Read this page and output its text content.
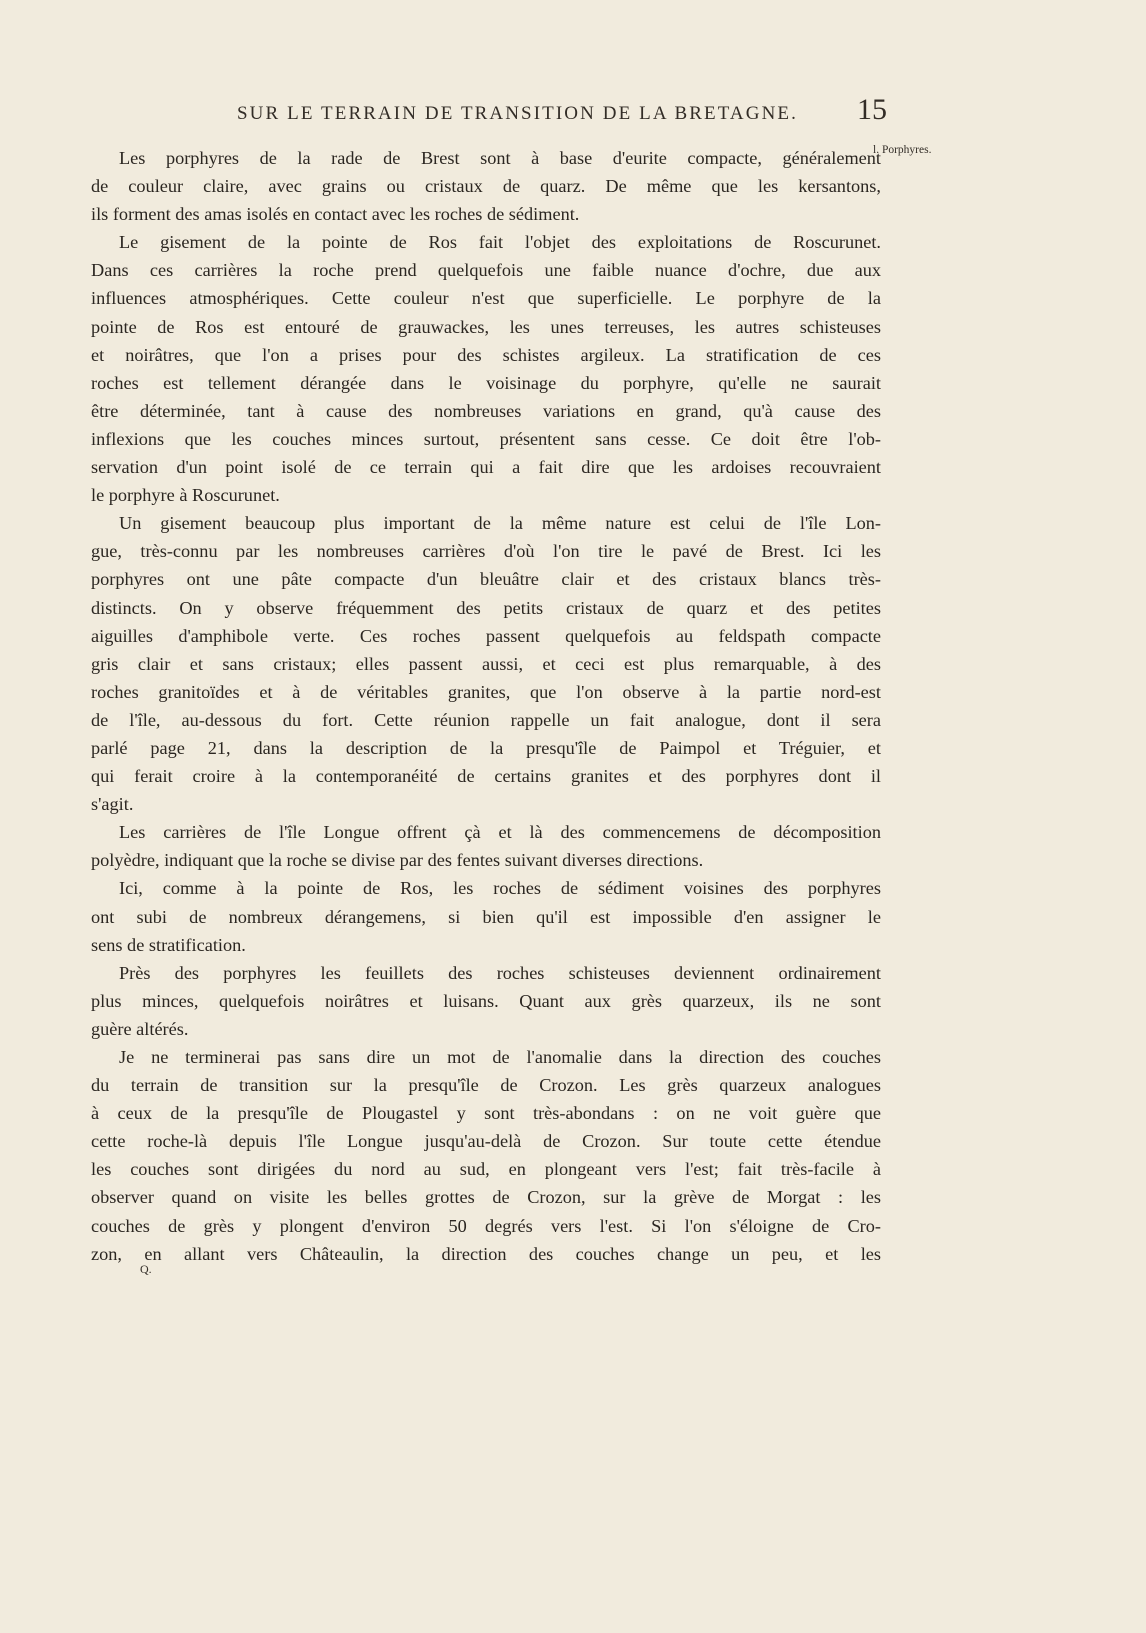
SUR LE TERRAIN DE TRANSITION DE LA BRETAGNE. 15
l. Porphyres.
Les porphyres de la rade de Brest sont à base d'eurite compacte, généralement
de couleur claire, avec grains ou cristaux de quarz. De même que les kersantons,
ils forment des amas isolés en contact avec les roches de sédiment.
Le gisement de la pointe de Ros fait l'objet des exploitations de Roscurunet.
Dans ces carrières la roche prend quelquefois une faible nuance d'ochre, due aux
influences atmosphériques. Cette couleur n'est que superficielle. Le porphyre de la
pointe de Ros est entouré de grauwackes, les unes terreuses, les autres schisteuses
et noirâtres, que l'on a prises pour des schistes argileux. La stratification de ces
roches est tellement dérangée dans le voisinage du porphyre, qu'elle ne saurait
être déterminée, tant à cause des nombreuses variations en grand, qu'à cause des
inflexions que les couches minces surtout, présentent sans cesse. Ce doit être l'ob-
servation d'un point isolé de ce terrain qui a fait dire que les ardoises recouvraient
le porphyre à Roscurunet.
Un gisement beaucoup plus important de la même nature est celui de l'île Lon-
gue, très-connu par les nombreuses carrières d'où l'on tire le pavé de Brest. Ici les
porphyres ont une pâte compacte d'un bleuâtre clair et des cristaux blancs très-
distincts. On y observe fréquemment des petits cristaux de quarz et des petites
aiguilles d'amphibole verte. Ces roches passent quelquefois au feldspath compacte
gris clair et sans cristaux; elles passent aussi, et ceci est plus remarquable, à des
roches granitoïdes et à de véritables granites, que l'on observe à la partie nord-est
de l'île, au-dessous du fort. Cette réunion rappelle un fait analogue, dont il sera
parlé page 21, dans la description de la presqu'île de Paimpol et Tréguier, et
qui ferait croire à la contemporanéité de certains granites et des porphyres dont il
s'agit.
Les carrières de l'île Longue offrent çà et là des commencemens de décomposition
polyèdre, indiquant que la roche se divise par des fentes suivant diverses directions.
Ici, comme à la pointe de Ros, les roches de sédiment voisines des porphyres
ont subi de nombreux dérangemens, si bien qu'il est impossible d'en assigner le
sens de stratification.
Près des porphyres les feuillets des roches schisteuses deviennent ordinairement
plus minces, quelquefois noirâtres et luisans. Quant aux grès quarzeux, ils ne sont
guère altérés.
Je ne terminerai pas sans dire un mot de l'anomalie dans la direction des couches
du terrain de transition sur la presqu'île de Crozon. Les grès quarzeux analogues
à ceux de la presqu'île de Plougastel y sont très-abondans : on ne voit guère que
cette roche-là depuis l'île Longue jusqu'au-delà de Crozon. Sur toute cette étendue
les couches sont dirigées du nord au sud, en plongeant vers l'est; fait très-facile à
observer quand on visite les belles grottes de Crozon, sur la grève de Morgat : les
couches de grès y plongent d'environ 50 degrés vers l'est. Si l'on s'éloigne de Cro-
zon, en allant vers Châteaulin, la direction des couches change un peu, et les
Q.
